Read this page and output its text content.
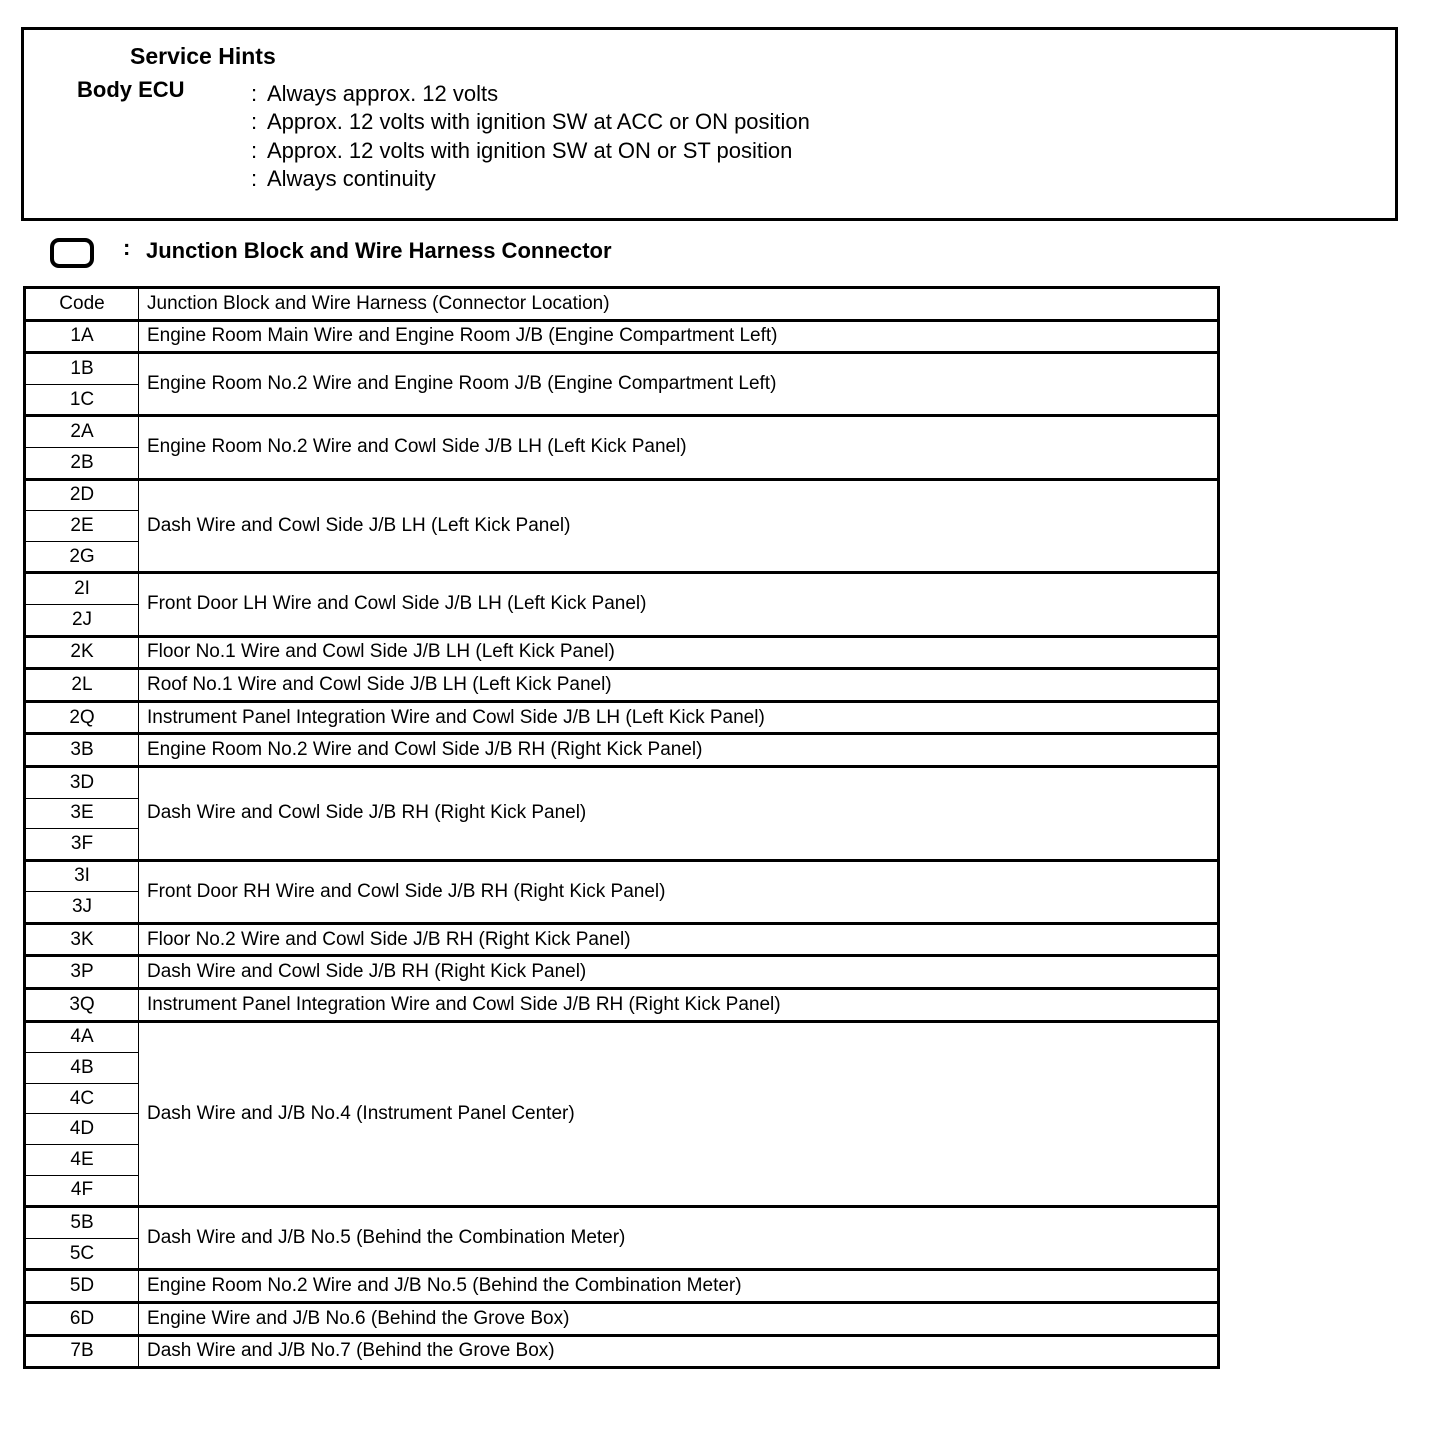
Service Hints
Body ECU	: Always approx. 12 volts
: Approx. 12 volts with ignition SW at ACC or ON position
: Approx. 12 volts with ignition SW at ON or ST position
: Always continuity
: Junction Block and Wire Harness Connector
Code	Junction Block and Wire Harness (Connector Location)
1A	Engine Room Main Wire and Engine Room J/B (Engine Compartment Left)
1B	Engine Room No.2 Wire and Engine Room J/B (Engine Compartment Left)
1C	
2A	Engine Room No.2 Wire and Cowl Side J/B LH (Left Kick Panel)
2B	
2D	Dash Wire and Cowl Side J/B LH (Left Kick Panel)
2E	
2G	
2I	Front Door LH Wire and Cowl Side J/B LH (Left Kick Panel)
2J	
2K	Floor No.1 Wire and Cowl Side J/B LH (Left Kick Panel)
2L	Roof No.1 Wire and Cowl Side J/B LH (Left Kick Panel)
2Q	Instrument Panel Integration Wire and Cowl Side J/B LH (Left Kick Panel)
3B	Engine Room No.2 Wire and Cowl Side J/B RH (Right Kick Panel)
3D	Dash Wire and Cowl Side J/B RH (Right Kick Panel)
3E	
3F	
3I	Front Door RH Wire and Cowl Side J/B RH (Right Kick Panel)
3J	
3K	Floor No.2 Wire and Cowl Side J/B RH (Right Kick Panel)
3P	Dash Wire and Cowl Side J/B RH (Right Kick Panel)
3Q	Instrument Panel Integration Wire and Cowl Side J/B RH (Right Kick Panel)
4A	Dash Wire and J/B No.4 (Instrument Panel Center)
4B	
4C	
4D	
4E	
4F	
5B	Dash Wire and J/B No.5 (Behind the Combination Meter)
5C	
5D	Engine Room No.2 Wire and J/B No.5 (Behind the Combination Meter)
6D	Engine Wire and J/B No.6 (Behind the Grove Box)
7B	Dash Wire and J/B No.7 (Behind the Grove Box)
